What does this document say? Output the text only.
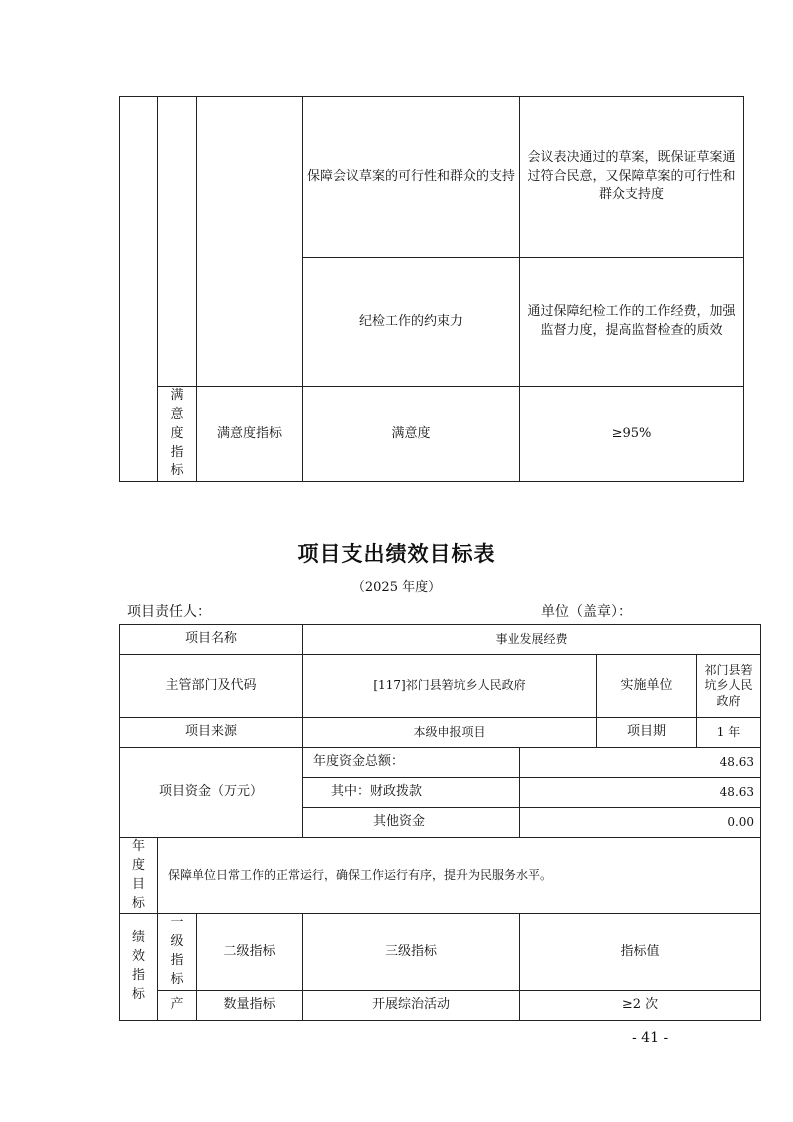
			保障会议草案的可行性和群众的支持	会议表决通过的草案，既保证草案通过符合民意，又保障草案的可行性和群众支持度
			纪检工作的约束力	通过保障纪检工作的工作经费，加强监督力度，提高监督检查的质效
	满意度指标	满意度指标	满意度	≥95%
项目支出绩效目标表
（2025 年度）
项目责任人：	单位（盖章）：
项目名称			事业发展经费			
主管部门及代码			[117]祁门县箬坑乡人民政府		实施单位	祁门县箬坑乡人民政府
项目来源			本级申报项目		项目期	1 年
项目资金（万元）			年度资金总额：	48.63		
			其中：财政拨款	48.63		
			其他资金	0.00		
年度目标	保障单位日常工作的正常运行，确保工作运行有序，提升为民服务水平。					
绩效指标	一级指标	二级指标	三级指标	指标值		
	产	数量指标	开展综治活动	≥2 次		
- 41 -
